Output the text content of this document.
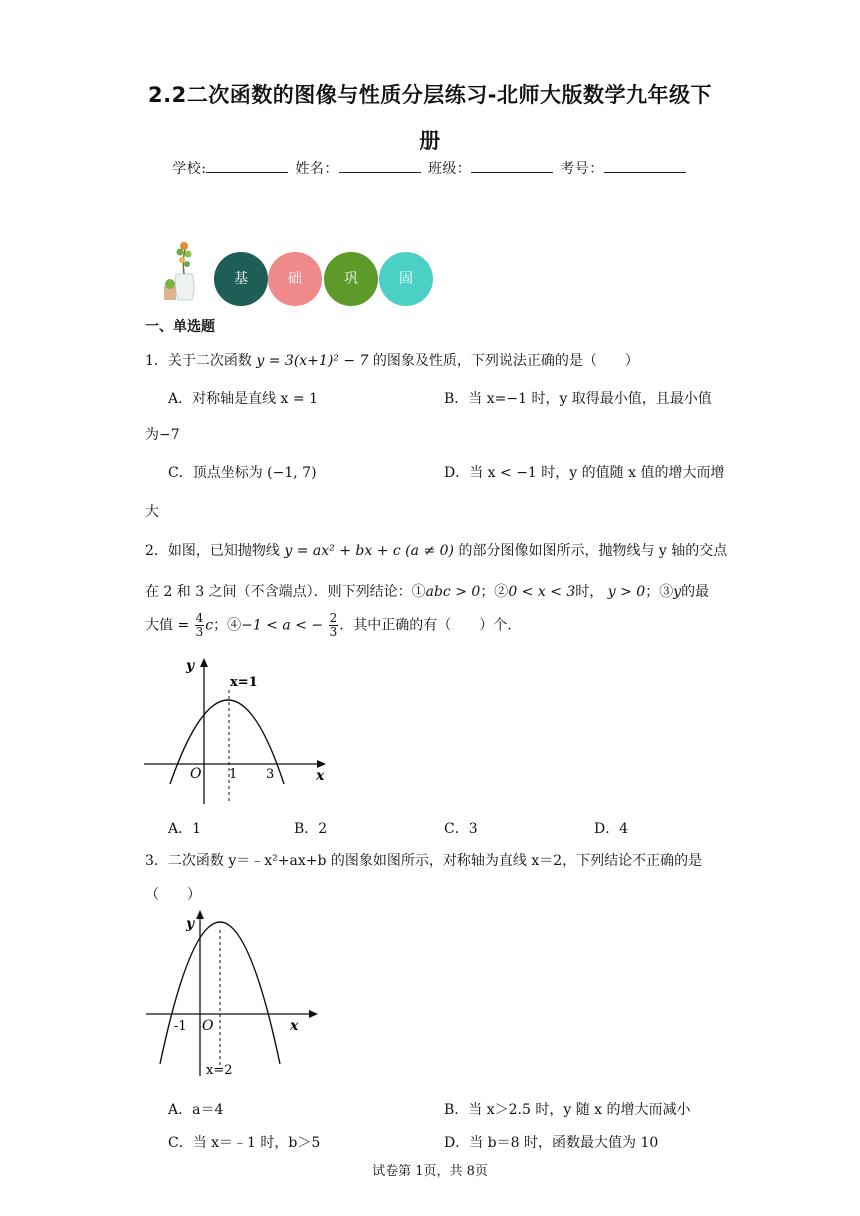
2.2二次函数的图像与性质分层练习-北师大版数学九年级下
册
学校:	姓名：	班级：	考号：
基	础	巩	固
一、单选题
1．关于二次函数 y = 3(x+1)² − 7 的图象及性质，下列说法正确的是（　　）
A．对称轴是直线 x = 1	B．当 x=−1 时，y 取得最小值，且最小值
为−7
C．顶点坐标为 (−1, 7)	D．当 x < −1 时，y 的值随 x 值的增大而增
大
2．如图，已知抛物线 y = ax² + bx + c (a ≠ 0) 的部分图像如图所示，抛物线与 y 轴的交点
在 2 和 3 之间（不含端点）．则下列结论：①abc > 0；②0 < x < 3时， y > 0；③y的最
大值 = $\frac{4}{3}$ c；④−1 < a < − $\frac{2}{3}$ ．其中正确的有（　　）个.
y
x
O 1 3
x=1
A．1	B．2	C．3	D．4
3．二次函数 y＝﹣x²+ax+b 的图象如图所示，对称轴为直线 x＝2，下列结论不正确的是
（　　）
y
x
O
-1
x=2
A．a＝4	B．当 x＞2.5 时，y 随 x 的增大而减小
C．当 x＝﹣1 时，b＞5	D．当 b＝8 时，函数最大值为 10
试卷第 1页，共 8页
